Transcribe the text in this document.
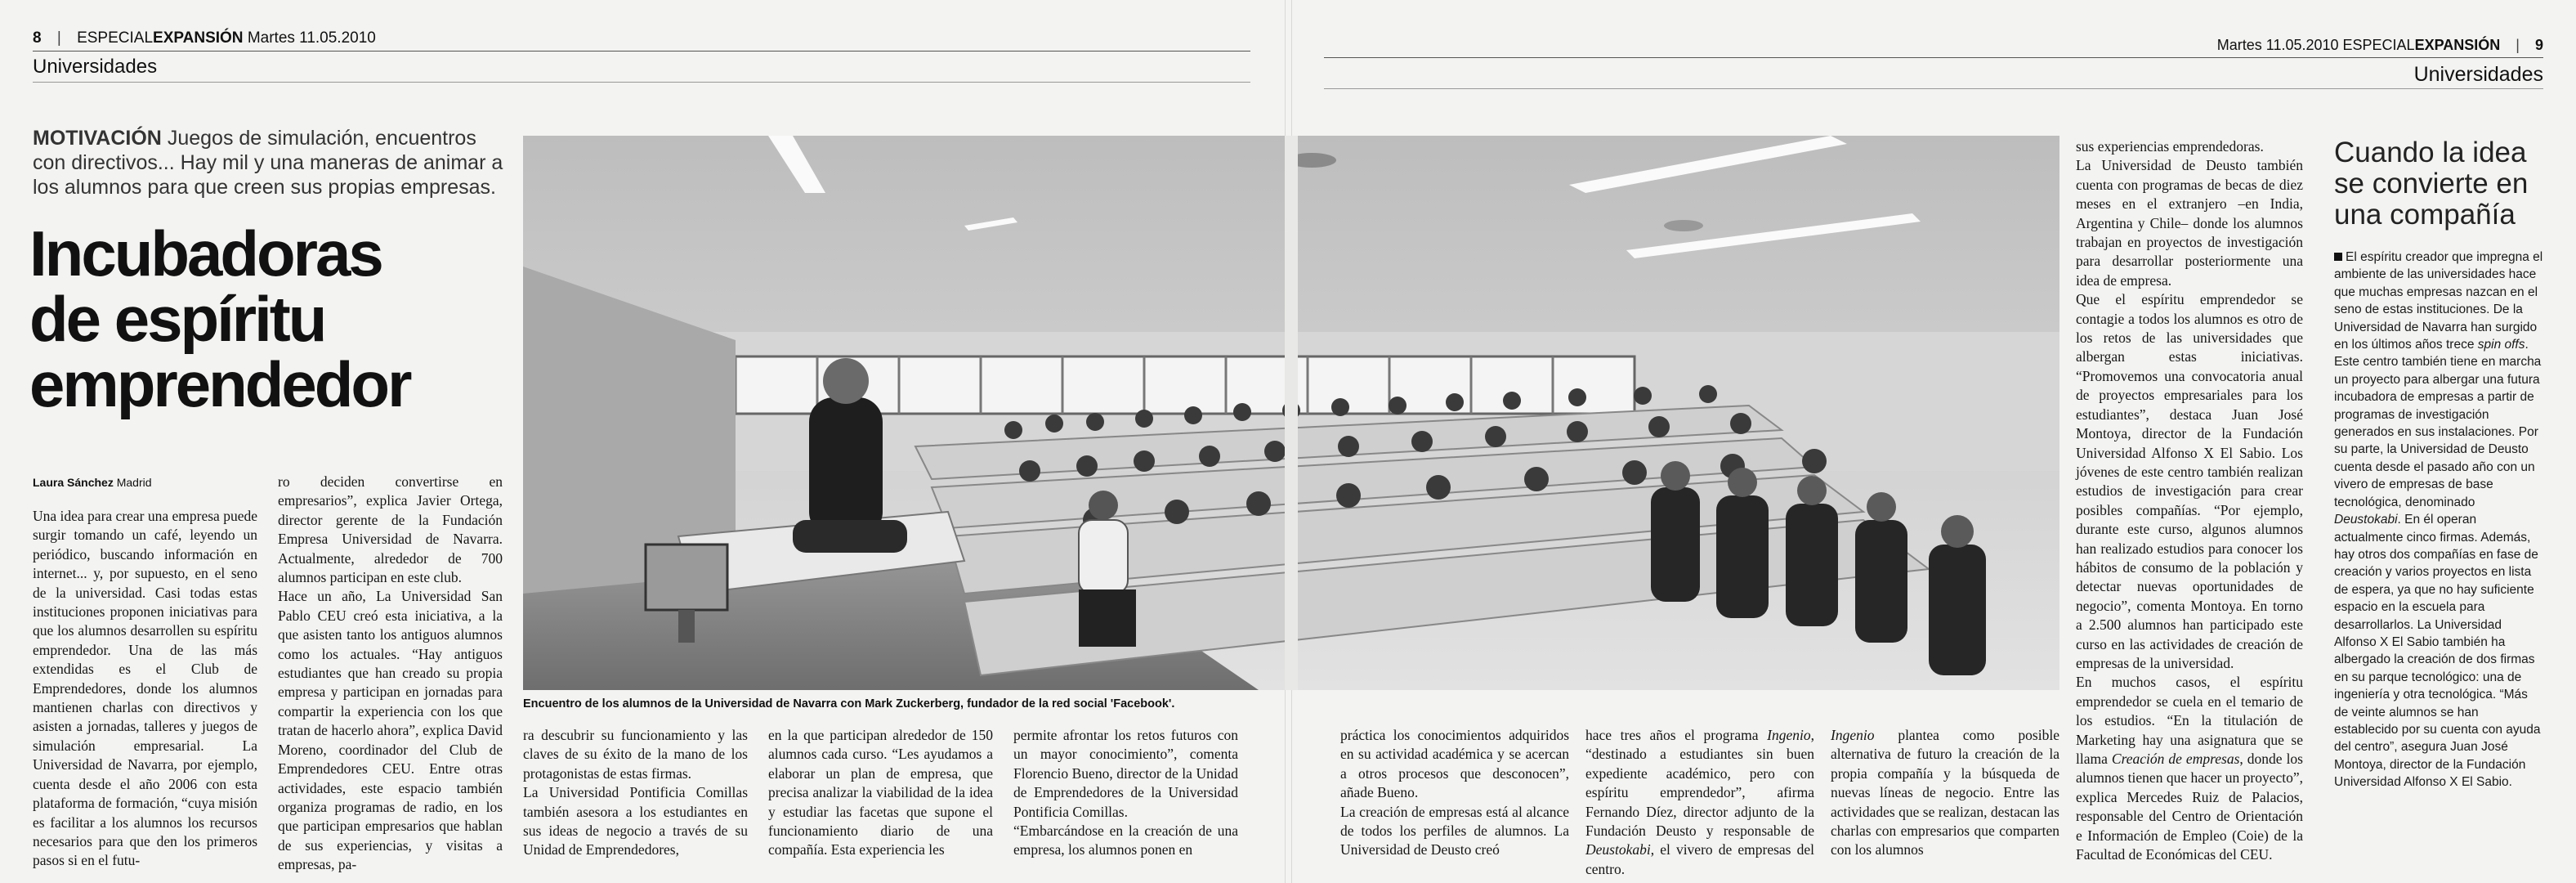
8 | ESPECIALEXPANSIÓN Martes 11.05.2010
Universidades
Martes 11.05.2010 ESPECIALEXPANSIÓN | 9
Universidades
MOTIVACIÓN Juegos de simulación, encuentros con directivos... Hay mil y una maneras de animar a los alumnos para que creen sus propias empresas.
Incubadoras de espíritu emprendedor
Laura Sánchez Madrid
Una idea para crear una empresa puede surgir tomando un café, leyendo un periódico, buscando información en internet... y, por supuesto, en el seno de la universidad. Casi todas estas instituciones proponen iniciativas para que los alumnos desarrollen su espíritu emprendedor. Una de las más extendidas es el Club de Emprendedores, donde los alumnos mantienen charlas con directivos y asisten a jornadas, talleres y juegos de simulación empresarial. La Universidad de Navarra, por ejemplo, cuenta desde el año 2006 con esta plataforma de formación, “cuya misión es facilitar a los alumnos los recursos necesarios para que den los primeros pasos si en el futu-
ro deciden convertirse en empresarios”, explica Javier Ortega, director gerente de la Fundación Empresa Universidad de Navarra. Actualmente, alrededor de 700 alumnos participan en este club.
Hace un año, La Universidad San Pablo CEU creó esta iniciativa, a la que asisten tanto los antiguos alumnos como los actuales. “Hay antiguos estudiantes que han creado su propia empresa y participan en jornadas para compartir la experiencia con los que tratan de hacerlo ahora”, explica David Moreno, coordinador del Club de Emprendedores CEU. Entre otras actividades, este espacio también organiza programas de radio, en los que participan empresarios que hablan de sus experiencias, y visitas a empresas, pa-
ra descubrir su funcionamiento y las claves de su éxito de la mano de los protagonistas de estas firmas.
La Universidad Pontificia Comillas también asesora a los estudiantes en sus ideas de negocio a través de su Unidad de Emprendedores,
en la que participan alrededor de 150 alumnos cada curso. “Les ayudamos a elaborar un plan de empresa, que precisa analizar la viabilidad de la idea y estudiar las facetas que supone el funcionamiento diario de una compañía. Esta experiencia les
permite afrontar los retos futuros con un mayor conocimiento”, comenta Florencio Bueno, director de la Unidad de Emprendedores de la Universidad Pontificia Comillas.
“Embarcándose en la creación de una empresa, los alumnos ponen en
práctica los conocimientos adquiridos en su actividad académica y se acercan a otros procesos que desconocen”, añade Bueno.
La creación de empresas está al alcance de todos los perfiles de alumnos. La Universidad de Deusto creó
hace tres años el programa Ingenio, “destinado a estudiantes sin buen expediente académico, pero con espíritu emprendedor”, afirma Fernando Díez, director adjunto de la Fundación Deusto y responsable de Deustokabi, el vivero de empresas del centro.
Ingenio plantea como posible alternativa de futuro la creación de la propia compañía y la búsqueda de nuevas líneas de negocio. Entre las actividades que se realizan, destacan las charlas con empresarios que comparten con los alumnos
sus experiencias emprendedoras.
La Universidad de Deusto también cuenta con programas de becas de diez meses en el extranjero –en India, Argentina y Chile– donde los alumnos trabajan en proyectos de investigación para desarrollar posteriormente una idea de empresa.
Que el espíritu emprendedor se contagie a todos los alumnos es otro de los retos de las universidades que albergan estas iniciativas. “Promovemos una convocatoria anual de proyectos empresariales para los estudiantes”, destaca Juan José Montoya, director de la Fundación Universidad Alfonso X El Sabio. Los jóvenes de este centro también realizan estudios de investigación para crear posibles compañías. “Por ejemplo, durante este curso, algunos alumnos han realizado estudios para conocer los hábitos de consumo de la población y detectar nuevas oportunidades de negocio”, comenta Montoya. En torno a 2.500 alumnos han participado este curso en las actividades de creación de empresas de la universidad.
En muchos casos, el espíritu emprendedor se cuela en el temario de los estudios. “En la titulación de Marketing hay una asignatura que se llama Creación de empresas, donde los alumnos tienen que hacer un proyecto”, explica Mercedes Ruiz de Palacios, responsable del Centro de Orientación e Información de Empleo (Coie) de la Facultad de Económicas del CEU.
Encuentro de los alumnos de la Universidad de Navarra con Mark Zuckerberg, fundador de la red social 'Facebook'.
Cuando la idea se convierte en una compañía
El espíritu creador que impregna el ambiente de las universidades hace que muchas empresas nazcan en el seno de estas instituciones. De la Universidad de Navarra han surgido en los últimos años trece spin offs. Este centro también tiene en marcha un proyecto para albergar una futura incubadora de empresas a partir de programas de investigación generados en sus instalaciones. Por su parte, la Universidad de Deusto cuenta desde el pasado año con un vivero de empresas de base tecnológica, denominado Deustokabi. En él operan actualmente cinco firmas. Además, hay otros dos compañías en fase de creación y varios proyectos en lista de espera, ya que no hay suficiente espacio en la escuela para desarrollarlos. La Universidad Alfonso X El Sabio también ha albergado la creación de dos firmas en su parque tecnológico: una de ingeniería y otra tecnológica. “Más de veinte alumnos se han establecido por su cuenta con ayuda del centro”, asegura Juan José Montoya, director de la Fundación Universidad Alfonso X El Sabio.
